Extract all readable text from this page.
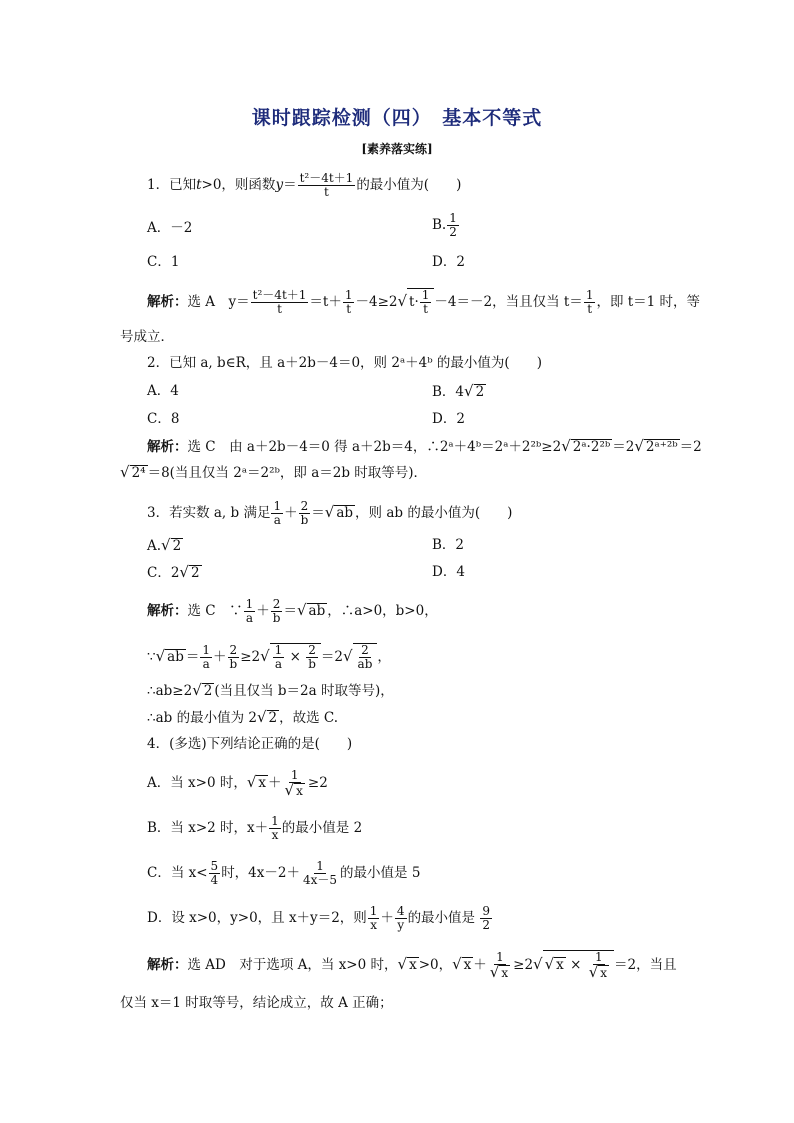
课时跟踪检测（四）　基本不等式
[素养落实练]
1．已知t>0，则函数$y= \frac{\text{t²－4t＋1}}{t}$ 的最小值为(　　)
A．－2	B. $\frac{1}{2}$
C．1	D．2
解析：选 A　$y= \frac{\text{t²－4t＋1}}{t} =t+ \frac{1}{t} -4\ge 2√$ $t\cdot \frac{1}{t} -4=-2$，当且仅当 $t= \frac{1}{t}$ ，即 t＝1 时，等
号成立．
2．已知 a, b∈R，且 a＋2b－4＝0，则 2ᵃ＋4ᵇ 的最小值为(　　)
A．4	B．4√ 2
C．8	D．2
解析：选 C　由 a＋2b－4＝0 得 a＋2b＝4，∴2ᵃ＋4ᵇ＝2ᵃ＋2²ᵇ≥2√ 2ᵃ·2²ᵇ ＝2√ 2ᵃ⁺²ᵇ ＝2
√ 2⁴ ＝8(当且仅当 2ᵃ＝2²ᵇ，即 a＝2b 时取等号)．
3．若实数 a, b 满足 $\frac{1}{a} + \frac{2}{b}$ ＝√ ab ，则 ab 的最小值为(　　)
A.√ 2	B．2
C．2√ 2	D．4
解析：选 C　∵ $\frac{1}{a} + \frac{2}{b}$ ＝√ ab ，∴a>0，b>0，
∵√ ab ＝ $\frac{1}{a} + \frac{2}{b} \ge 2√ \frac{1}{a} \times \frac{2}{b} =2√ \frac{2}{ab}$ ，
∴ab≥2√ 2 (当且仅当 b＝2a 时取等号)，
∴ab 的最小值为 2√ 2 ，故选 C.
4．(多选)下列结论正确的是(　　)
A．当 x>0 时，√ $x + \frac{1}{√ x} \ge 2$
B．当 x>2 时，$x+ \frac{1}{x}$ 的最小值是 2
C．当 $x< \frac{5}{4}$ 时，$4x-2+ \frac{1}{4x-5}$ 的最小值是 5
D．设 x>0，y>0，且 x＋y＝2，则 $\frac{1}{x} + \frac{4}{y}$ 的最小值是 $\frac{9}{2}$
解析：选 AD　对于选项 A，当 x>0 时，√ x >0，√ $x + \frac{1}{√ x} \ge 2√$ √ $x \times \frac{1}{√ x} =2$，当且
仅当 x＝1 时取等号，结论成立，故 A 正确；
